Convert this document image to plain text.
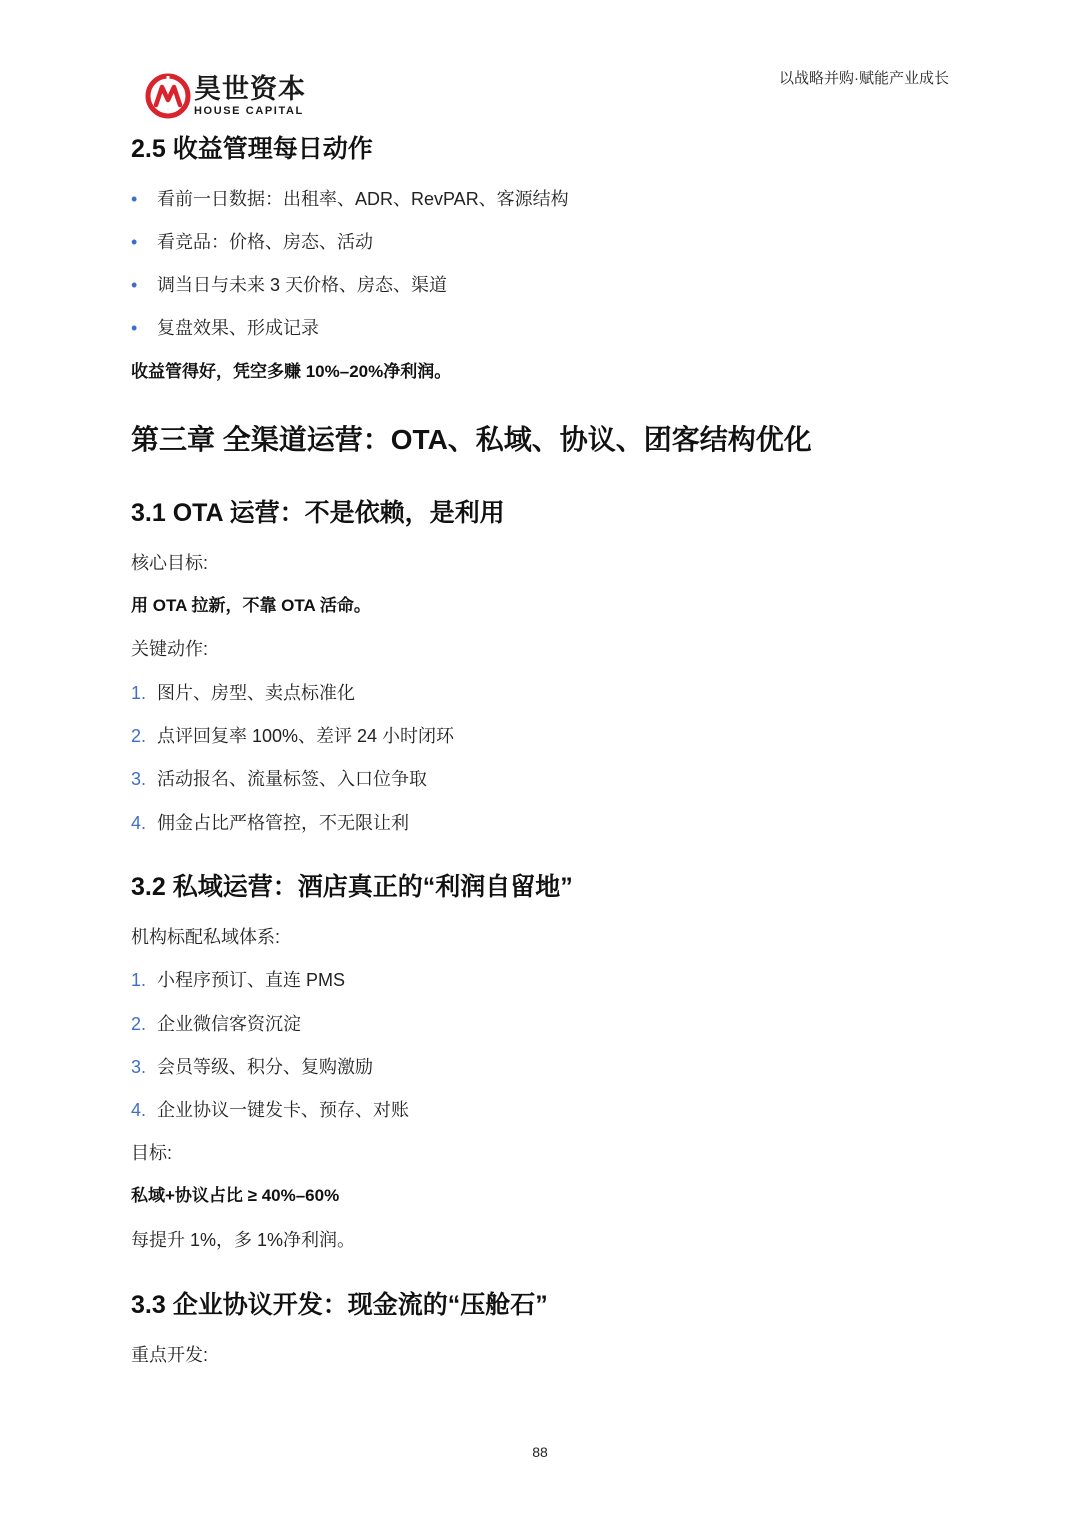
昊世资本
HOUSE CAPITAL
以战略并购·赋能产业成长
2.5 收益管理每日动作
• 看前一日数据：出租率、ADR、RevPAR、客源结构
• 看竞品：价格、房态、活动
• 调当日与未来 3 天价格、房态、渠道
• 复盘效果、形成记录
收益管得好，凭空多赚 10%–20%净利润。
第三章 全渠道运营：OTA、私域、协议、团客结构优化
3.1 OTA 运营：不是依赖，是利用
核心目标:
用 OTA 拉新，不靠 OTA 活命。
关键动作:
1. 图片、房型、卖点标准化
2. 点评回复率 100%、差评 24 小时闭环
3. 活动报名、流量标签、入口位争取
4. 佣金占比严格管控，不无限让利
3.2 私域运营：酒店真正的“利润自留地”
机构标配私域体系:
1. 小程序预订、直连 PMS
2. 企业微信客资沉淀
3. 会员等级、积分、复购激励
4. 企业协议一键发卡、预存、对账
目标:
私域+协议占比 ≥ 40%–60%
每提升 1%，多 1%净利润。
3.3 企业协议开发：现金流的“压舱石”
重点开发:
88
